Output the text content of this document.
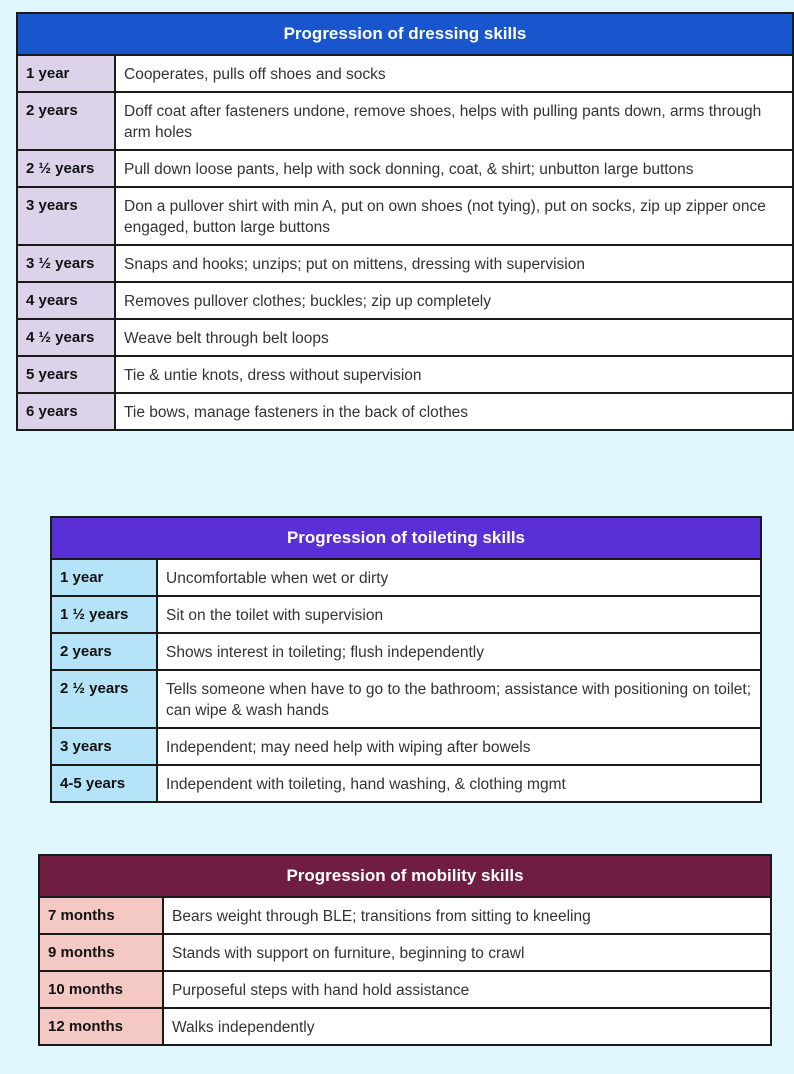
Progression of dressing skills
1 year	Cooperates, pulls off shoes and socks
2 years	Doff coat after fasteners undone, remove shoes, helps with pulling pants down, arms through arm holes
2 ½ years	Pull down loose pants, help with sock donning, coat, & shirt; unbutton large buttons
3 years	Don a pullover shirt with min A, put on own shoes (not tying), put on socks, zip up zipper once engaged, button large buttons
3 ½ years	Snaps and hooks; unzips; put on mittens, dressing with supervision
4 years	Removes pullover clothes; buckles; zip up completely
4 ½ years	Weave belt through belt loops
5 years	Tie & untie knots, dress without supervision
6 years	Tie bows, manage fasteners in the back of clothes
Progression of toileting skills
1 year	Uncomfortable when wet or dirty
1 ½ years	Sit on the toilet with supervision
2 years	Shows interest in toileting; flush independently
2 ½ years	Tells someone when have to go to the bathroom; assistance with positioning on toilet; can wipe & wash hands
3 years	Independent; may need help with wiping after bowels
4-5 years	Independent with toileting, hand washing, & clothing mgmt
Progression of mobility skills
7 months	Bears weight through BLE; transitions from sitting to kneeling
9 months	Stands with support on furniture, beginning to crawl
10 months	Purposeful steps with hand hold assistance
12 months	Walks independently
